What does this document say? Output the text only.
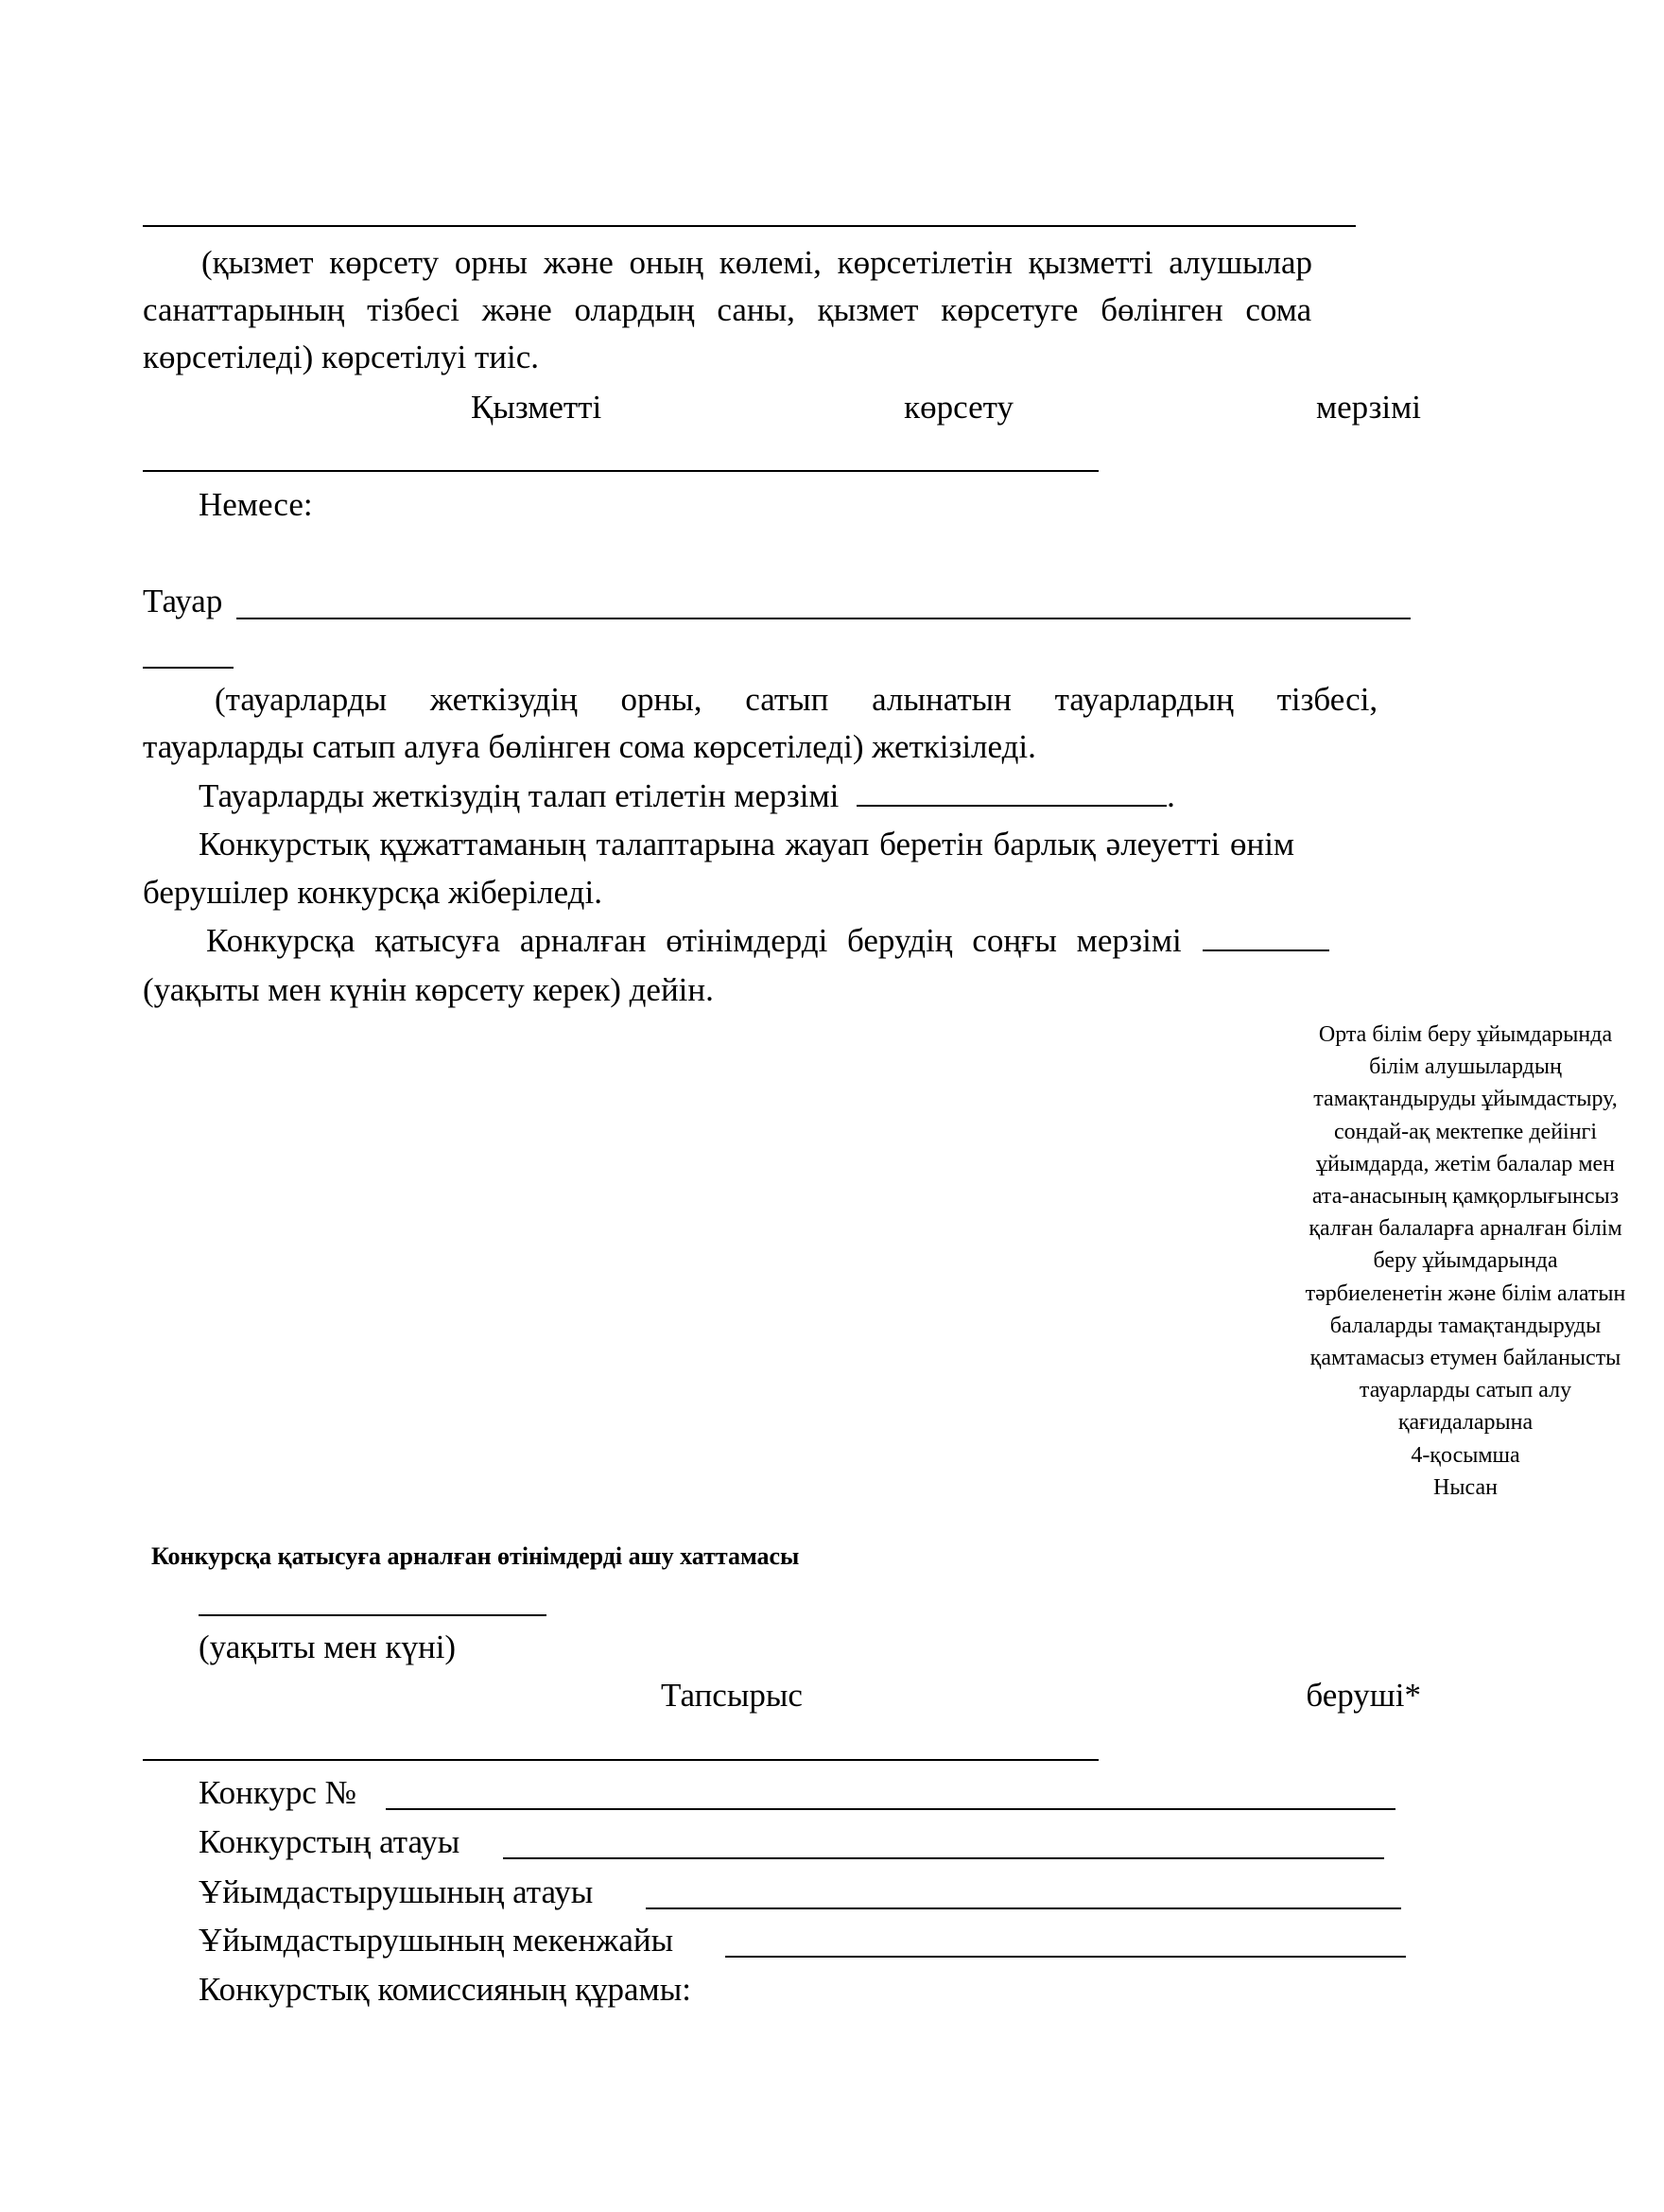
(қызмет көрсету орны және оның көлемі, көрсетілетін қызметті алушылар
санаттарының тізбесі және олардың саны, қызмет көрсетуге бөлінген сома
көрсетіледі) көрсетілуі тиіс.
Қызметті	көрсету	мерзімі
Немесе:
Тауар
(тауарларды жеткізудің орны, сатып алынатын тауарлардың тізбесі,
тауарларды сатып алуға бөлінген сома көрсетіледі) жеткізіледі.
Тауарларды жеткізудің талап етілетін мерзімі	.
Конкурстық құжаттаманың талаптарына жауап беретін барлық әлеуетті өнім
берушілер конкурсқа жіберіледі.
Конкурсқа қатысуға арналған өтінімдерді берудің соңғы мерзімі
(уақыты мен күнін көрсету керек) дейін.
Орта білім беру ұйымдарында
білім алушылардың
тамақтандыруды ұйымдастыру,
сондай-ақ мектепке дейінгі
ұйымдарда, жетім балалар мен
ата-анасының қамқорлығынсыз
қалған балаларға арналған білім
беру ұйымдарында
тәрбиеленетін және білім алатын
балаларды тамақтандыруды
қамтамасыз етумен байланысты
тауарларды сатып алу
қағидаларына
4-қосымша
Нысан
Конкурсқа қатысуға арналған өтінімдерді ашу хаттамасы
(уақыты мен күні)
Тапсырыс	беруші*
Конкурс №
Конкурстың атауы
Ұйымдастырушының атауы
Ұйымдастырушының мекенжайы
Конкурстық комиссияның құрамы:
